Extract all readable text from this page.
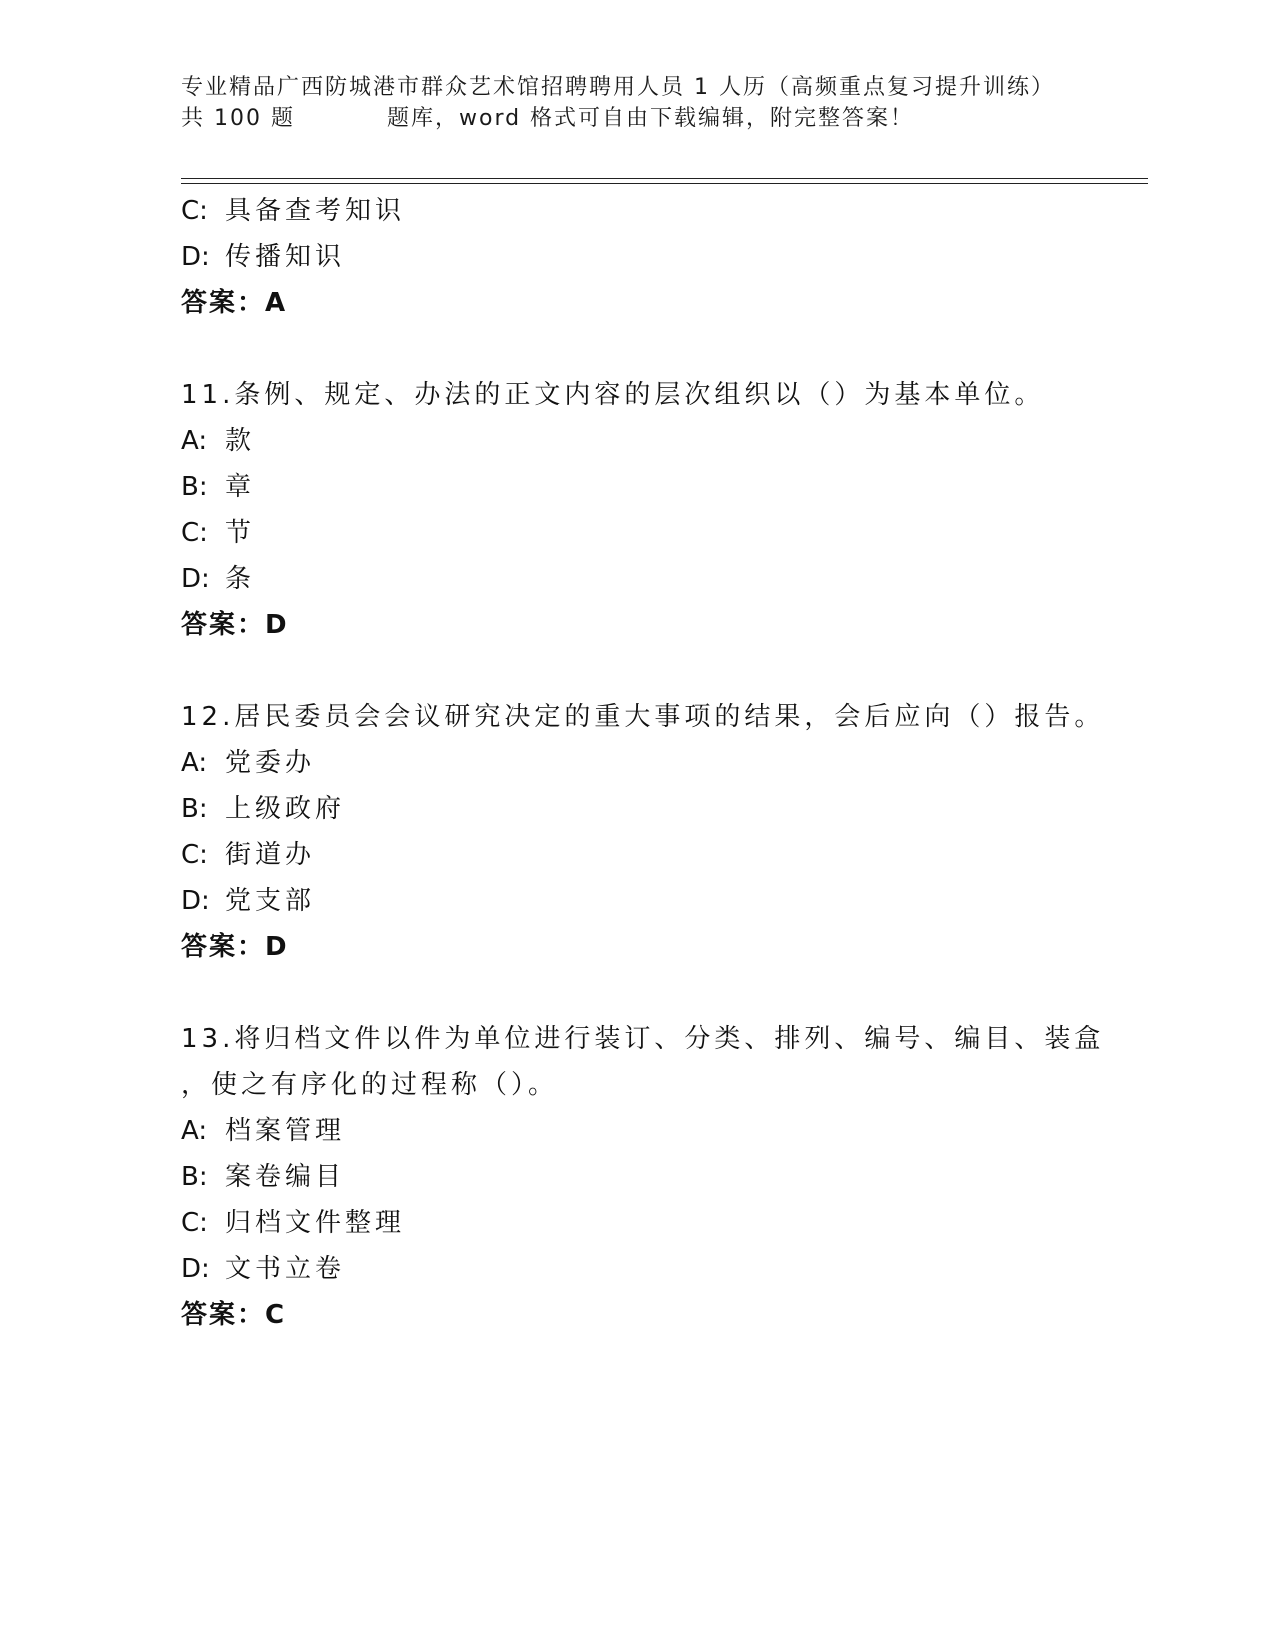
专业精品广西防城港市群众艺术馆招聘聘用人员 1 人历（高频重点复习提升训练）
共 100 题	题库，word 格式可自由下载编辑，附完整答案！
C: 具备查考知识
D: 传播知识
答案：A
11.条例、规定、办法的正文内容的层次组织以（）为基本单位。
A: 款
B: 章
C: 节
D: 条
答案：D
12.居民委员会会议研究决定的重大事项的结果，会后应向（）报告。
A: 党委办
B: 上级政府
C: 街道办
D: 党支部
答案：D
13.将归档文件以件为单位进行装订、分类、排列、编号、编目、装盒
，使之有序化的过程称（）。
A: 档案管理
B: 案卷编目
C: 归档文件整理
D: 文书立卷
答案：C
